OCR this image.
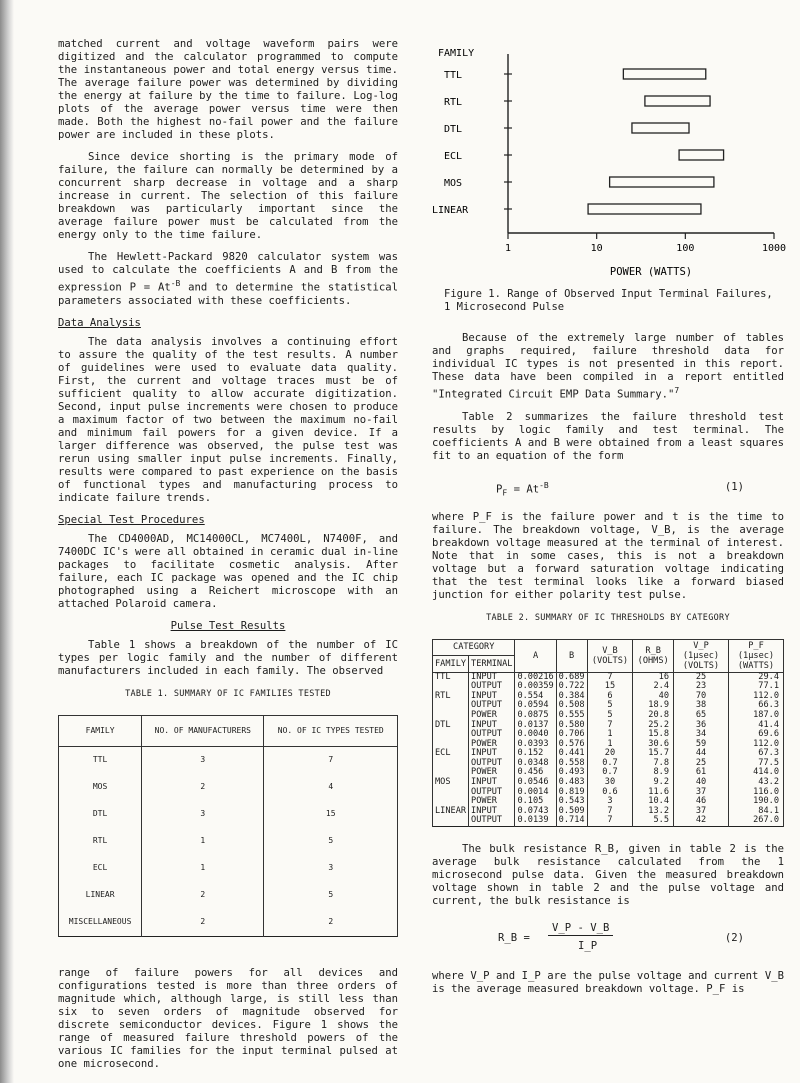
matched current and voltage waveform pairs were digitized and the calculator programmed to compute the instantaneous power and total energy versus time. The average failure power was determined by dividing the energy at failure by the time to failure. Log-log plots of the average power versus time were then made. Both the highest no-fail power and the failure power are included in these plots.

Since device shorting is the primary mode of failure, the failure can normally be determined by a concurrent sharp decrease in voltage and a sharp increase in current. The selection of this failure breakdown was particularly important since the average failure power must be calculated from the energy only to the time failure.

The Hewlett-Packard 9820 calculator system was used to calculate the coefficients A and B from the expression $P = At^{-B}$ and to determine the statistical parameters associated with these coefficients.

Data Analysis

The data analysis involves a continuing effort to assure the quality of the test results. A number of guidelines were used to evaluate data quality. First, the current and voltage traces must be of sufficient quality to allow accurate digitization. Second, input pulse increments were chosen to produce a maximum factor of two between the maximum no-fail and minimum fail powers for a given device. If a larger difference was observed, the pulse test was rerun using smaller input pulse increments. Finally, results were compared to past experience on the basis of functional types and manufacturing process to indicate failure trends.

Special Test Procedures

The CD4000AD, MC14000CL, MC7400L, N7400F, and 7400DC IC's were all obtained in ceramic dual in-line packages to facilitate cosmetic analysis. After failure, each IC package was opened and the IC chip photographed using a Reichert microscope with an attached Polaroid camera.

Pulse Test Results

Table 1 shows a breakdown of the number of IC types per logic family and the number of different manufacturers included in each family. The observed

TABLE 1. SUMMARY OF IC FAMILIES TESTED
FAMILY	NO. OF MANUFACTURERS	NO. OF IC TYPES TESTED
TTL	3	7
MOS	2	4
DTL	3	15
RTL	1	5
ECL	1	3
LINEAR	2	5
MISCELLANEOUS	2	2

range of failure powers for all devices and configurations tested is more than three orders of magnitude which, although large, is still less than six to seven orders of magnitude observed for discrete semiconductor devices. Figure 1 shows the range of measured failure threshold powers of the various IC families for the input terminal pulsed at one microsecond.

FAMILY
TTL
RTL
DTL
ECL
MOS
LINEAR
1	10	100	1000
POWER (WATTS)
Figure 1. Range of Observed Input Terminal Failures, 1 Microsecond Pulse

Because of the extremely large number of tables and graphs required, failure threshold data for individual IC types is not presented in this report. These data have been compiled in a report entitled "Integrated Circuit EMP Data Summary."$^7$

Table 2 summarizes the failure threshold test results by logic family and test terminal. The coefficients A and B were obtained from a least squares fit to an equation of the form

$P_F = At^{-B}$	(1)

where P_F is the failure power and t is the time to failure. The breakdown voltage, V_B, is the average breakdown voltage measured at the terminal of interest. Note that in some cases, this is not a breakdown voltage but a forward saturation voltage indicating that the test terminal looks like a forward biased junction for either polarity test pulse.

TABLE 2. SUMMARY OF IC THRESHOLDS BY CATEGORY
CATEGORY		A	B	V_B (VOLTS)	R_B (OHMS)	V_P (1µsec) (VOLTS)	P_F (1µsec) (WATTS)
FAMILY	TERMINAL						
TTL	INPUT	0.00216	0.689	7	16	25	29.4
	OUTPUT	0.00359	0.722	15	2.4	23	77.1
RTL	INPUT	0.554	0.384	6	40	70	112.0
	OUTPUT	0.0594	0.508	5	18.9	38	66.3
	POWER	0.0875	0.555	5	20.8	65	187.0
DTL	INPUT	0.0137	0.580	7	25.2	36	41.4
	OUTPUT	0.0040	0.706	1	15.8	34	69.6
	POWER	0.0393	0.576	1	30.6	59	112.0
ECL	INPUT	0.152	0.441	20	15.7	44	67.3
	OUTPUT	0.0348	0.558	0.7	7.8	25	77.5
	POWER	0.456	0.493	0.7	8.9	61	414.0
MOS	INPUT	0.0546	0.483	30	9.2	40	43.2
	OUTPUT	0.0014	0.819	0.6	11.6	37	116.0
	POWER	0.105	0.543	3	10.4	46	190.0
LINEAR	INPUT	0.0743	0.509	7	13.2	37	84.1
	OUTPUT	0.0139	0.714	7	5.5	42	267.0

The bulk resistance R_B, given in table 2 is the average bulk resistance calculated from the 1 microsecond pulse data. Given the measured breakdown voltage shown in table 2 and the pulse voltage and current, the bulk resistance is

R_B =
V_P - V_B
I_P
(2)

where V_P and I_P are the pulse voltage and current V_B is the average measured breakdown voltage. P_F is
